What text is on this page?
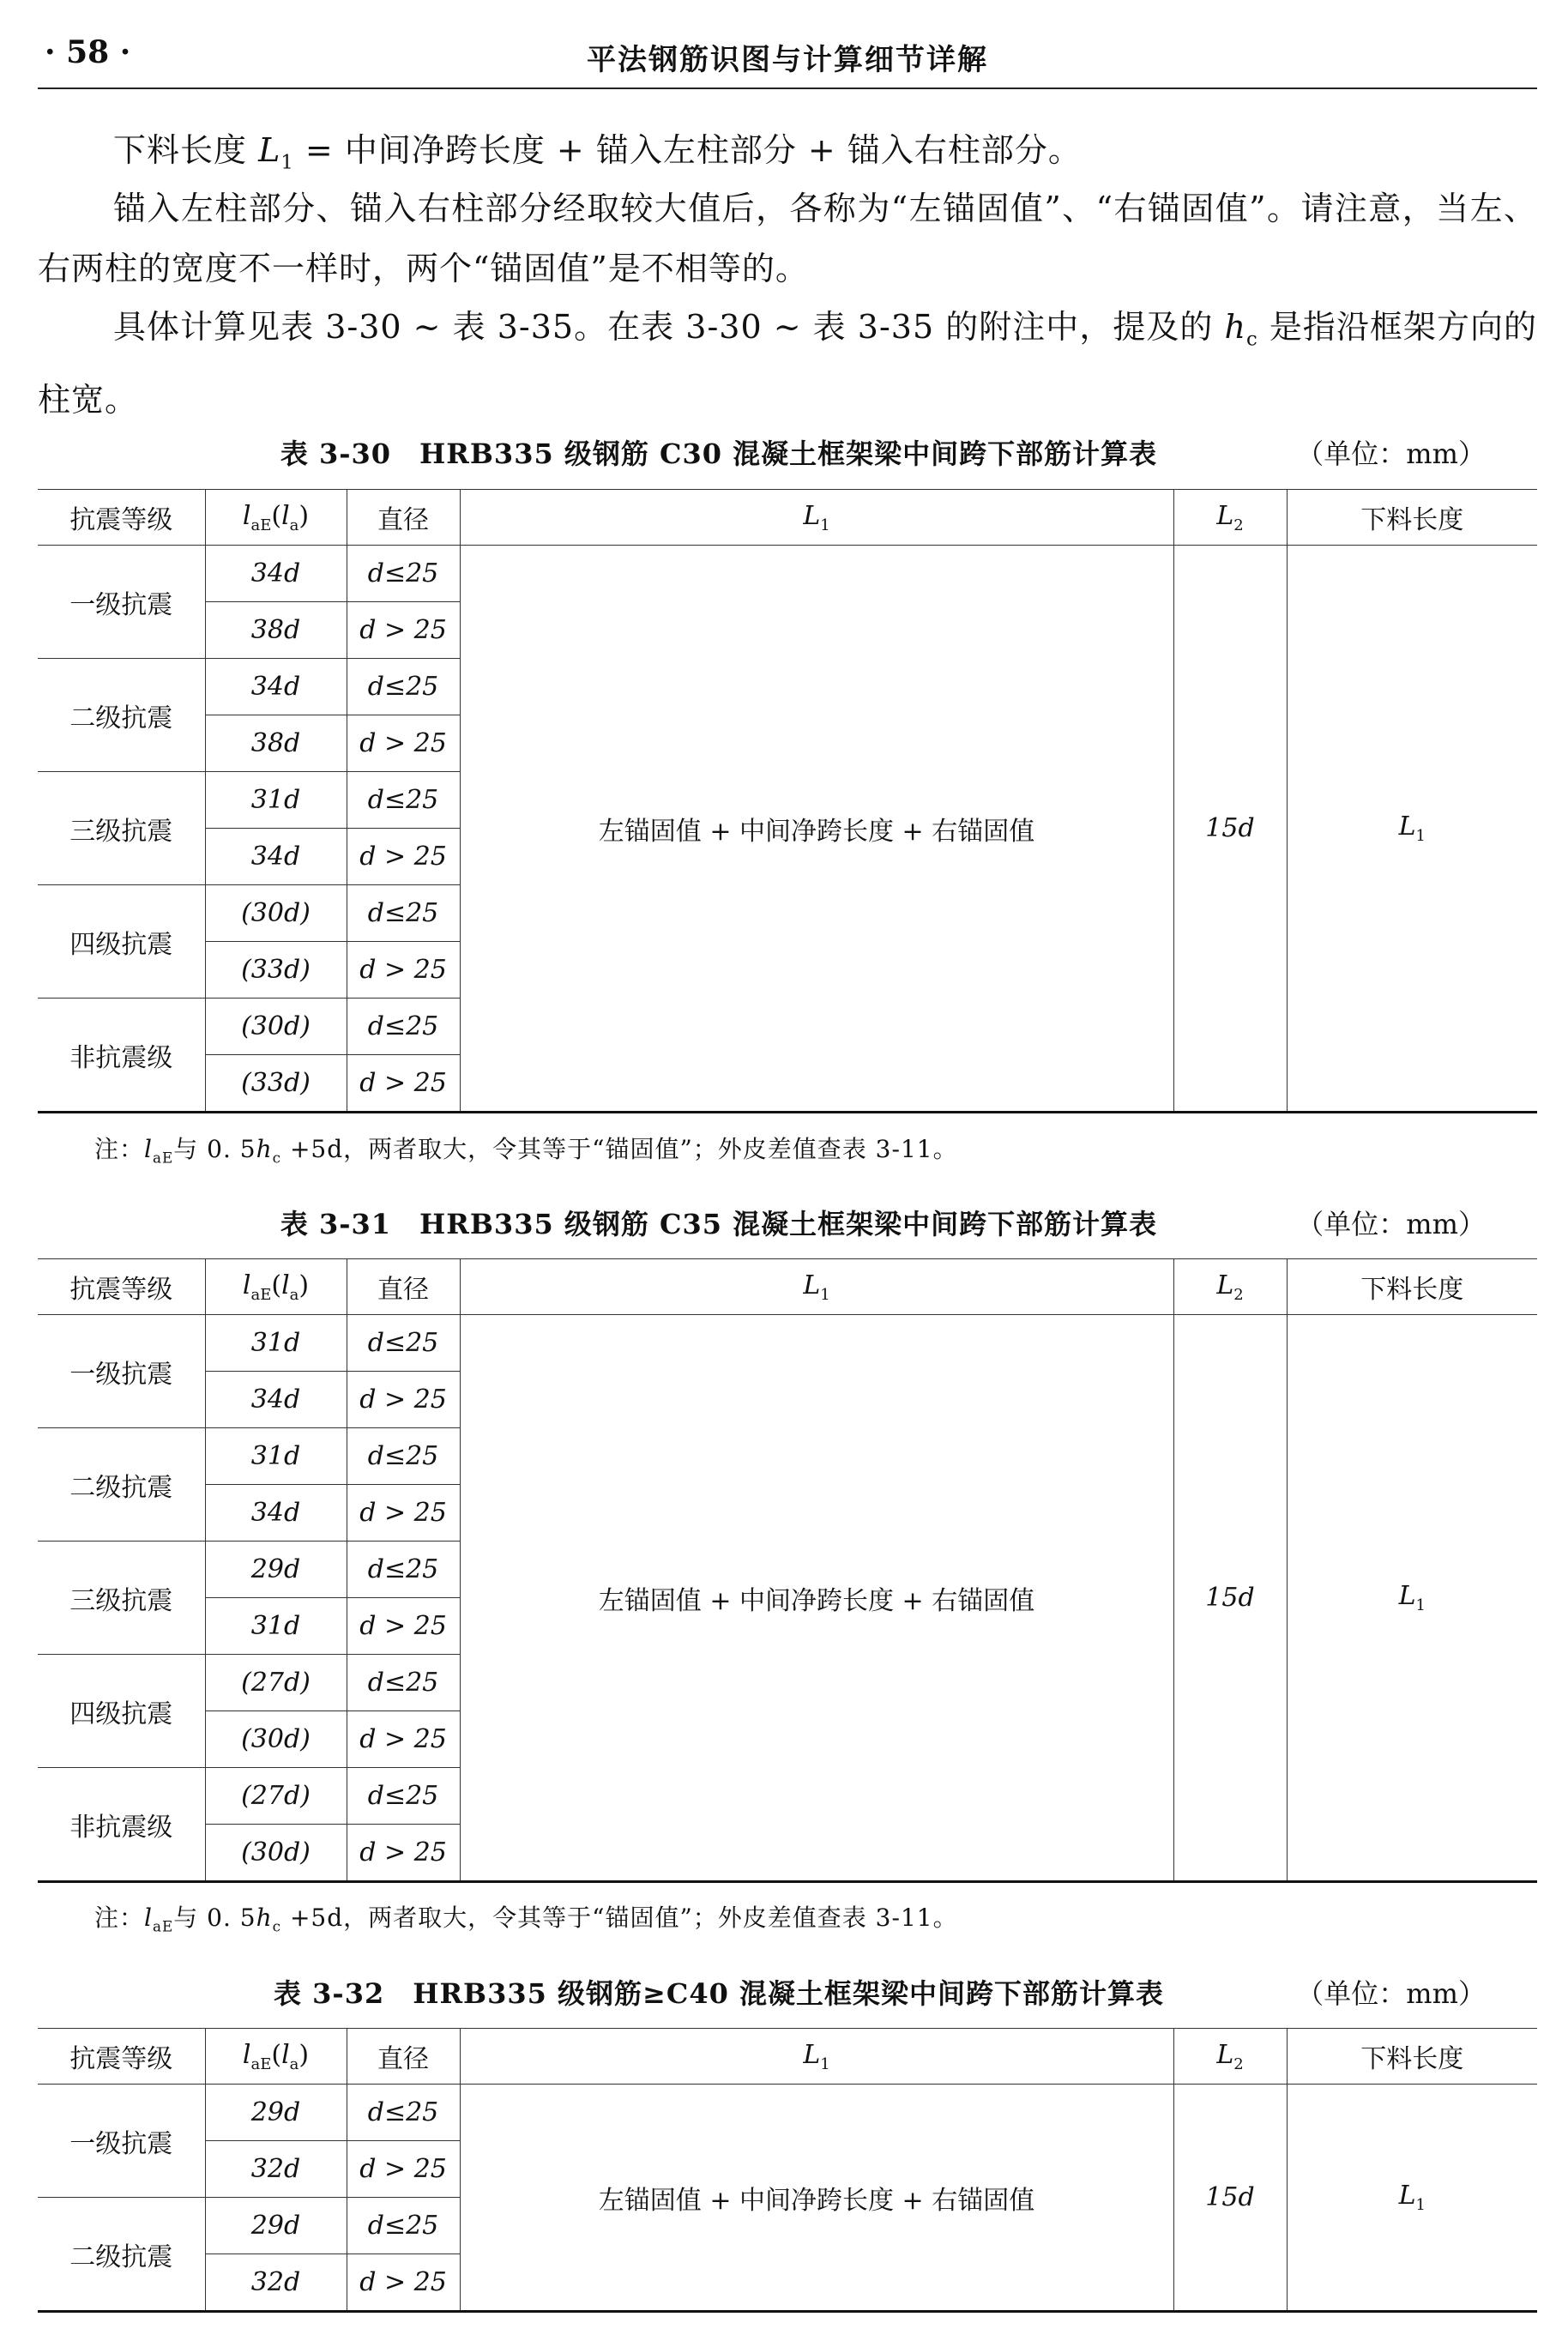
· 58 ·	平法钢筋识图与计算细节详解
下料长度 $L_1$ = 中间净跨长度 + 锚入左柱部分 + 锚入右柱部分。
锚入左柱部分、锚入右柱部分经取较大值后，各称为“左锚固值”、“右锚固值”。请注意，当左、右两柱的宽度不一样时，两个“锚固值”是不相等的。
具体计算见表 3-30 ~ 表 3-35。在表 3-30 ~ 表 3-35 的附注中，提及的 $h_c$ 是指沿框架方向的柱宽。
表 3-30　HRB335 级钢筋 C30 混凝土框架梁中间跨下部筋计算表	（单位：mm）
抗震等级	$l_{aE}(l_a)$	直径	$L_1$	$L_2$	下料长度
一级抗震	34d	d≤25	左锚固值 + 中间净跨长度 + 右锚固值	15d	$L_1$
	38d	d > 25			
二级抗震	34d	d≤25			
	38d	d > 25			
三级抗震	31d	d≤25			
	34d	d > 25			
四级抗震	(30d)	d≤25			
	(33d)	d > 25			
非抗震级	(30d)	d≤25			
	(33d)	d > 25			
注：$l_{aE}$与 0. $5h_c +5d$，两者取大，令其等于“锚固值”；外皮差值查表 3-11。
表 3-31　HRB335 级钢筋 C35 混凝土框架梁中间跨下部筋计算表	（单位：mm）
抗震等级	$l_{aE}(l_a)$	直径	$L_1$	$L_2$	下料长度
一级抗震	31d	d≤25	左锚固值 + 中间净跨长度 + 右锚固值	15d	$L_1$
	34d	d > 25			
二级抗震	31d	d≤25			
	34d	d > 25			
三级抗震	29d	d≤25			
	31d	d > 25			
四级抗震	(27d)	d≤25			
	(30d)	d > 25			
非抗震级	(27d)	d≤25			
	(30d)	d > 25			
注：$l_{aE}$与 0. $5h_c +5d$，两者取大，令其等于“锚固值”；外皮差值查表 3-11。
表 3-32　HRB335 级钢筋≥C40 混凝土框架梁中间跨下部筋计算表	（单位：mm）
抗震等级	$l_{aE}(l_a)$	直径	$L_1$	$L_2$	下料长度
一级抗震	29d	d≤25	左锚固值 + 中间净跨长度 + 右锚固值	15d	$L_1$
	32d	d > 25			
二级抗震	29d	d≤25			
	32d	d > 25			
